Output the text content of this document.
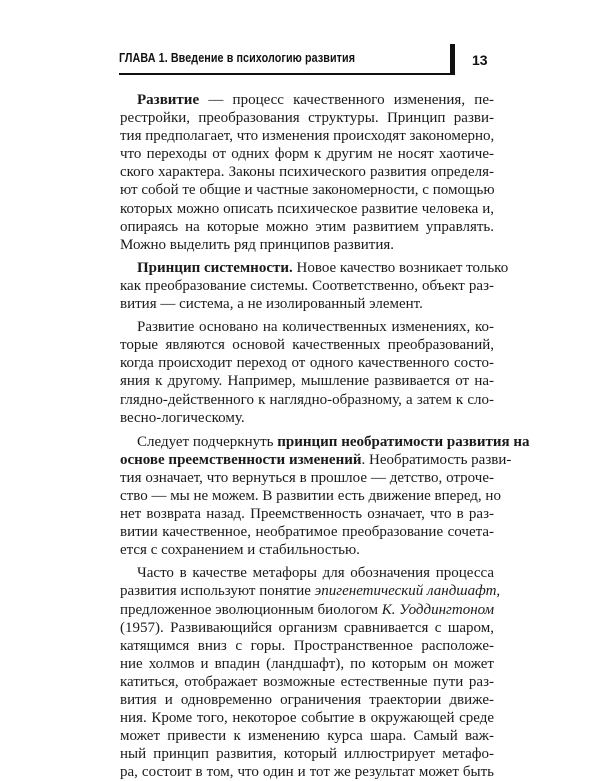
ГЛАВА 1. Введение в психологию развития	13
Развитие — процесс качественного изменения, пе-
рестройки, преобразования структуры. Принцип разви-
тия предполагает, что изменения происходят закономерно,
что переходы от одних форм к другим не носят хаотиче-
ского характера. Законы психического развития определя-
ют собой те общие и частные закономерности, с помощью
которых можно описать психическое развитие человека и,
опираясь на которые можно этим развитием управлять.
Можно выделить ряд принципов развития.
Принцип системности. Новое качество возникает только
как преобразование системы. Соответственно, объект раз-
вития — система, а не изолированный элемент.
Развитие основано на количественных изменениях, ко-
торые являются основой качественных преобразований,
когда происходит переход от одного качественного состо-
яния к другому. Например, мышление развивается от на-
глядно-действенного к наглядно-образному, а затем к сло-
весно-логическому.
Следует подчеркнуть принцип необратимости развития на
основе преемственности изменений. Необратимость разви-
тия означает, что вернуться в прошлое — детство, отроче-
ство — мы не можем. В развитии есть движение вперед, но
нет возврата назад. Преемственность означает, что в раз-
витии качественное, необратимое преобразование сочета-
ется с сохранением и стабильностью.
Часто в качестве метафоры для обозначения процесса
развития используют понятие эпигенетический ландшафт,
предложенное эволюционным биологом К. Уоддингтоном
(1957). Развивающийся организм сравнивается с шаром,
катящимся вниз с горы. Пространственное расположе-
ние холмов и впадин (ландшафт), по которым он может
катиться, отображает возможные естественные пути раз-
вития и одновременно ограничения траектории движе-
ния. Кроме того, некоторое событие в окружающей среде
может привести к изменению курса шара. Самый важ-
ный принцип развития, который иллюстрирует метафо-
ра, состоит в том, что один и тот же результат может быть
